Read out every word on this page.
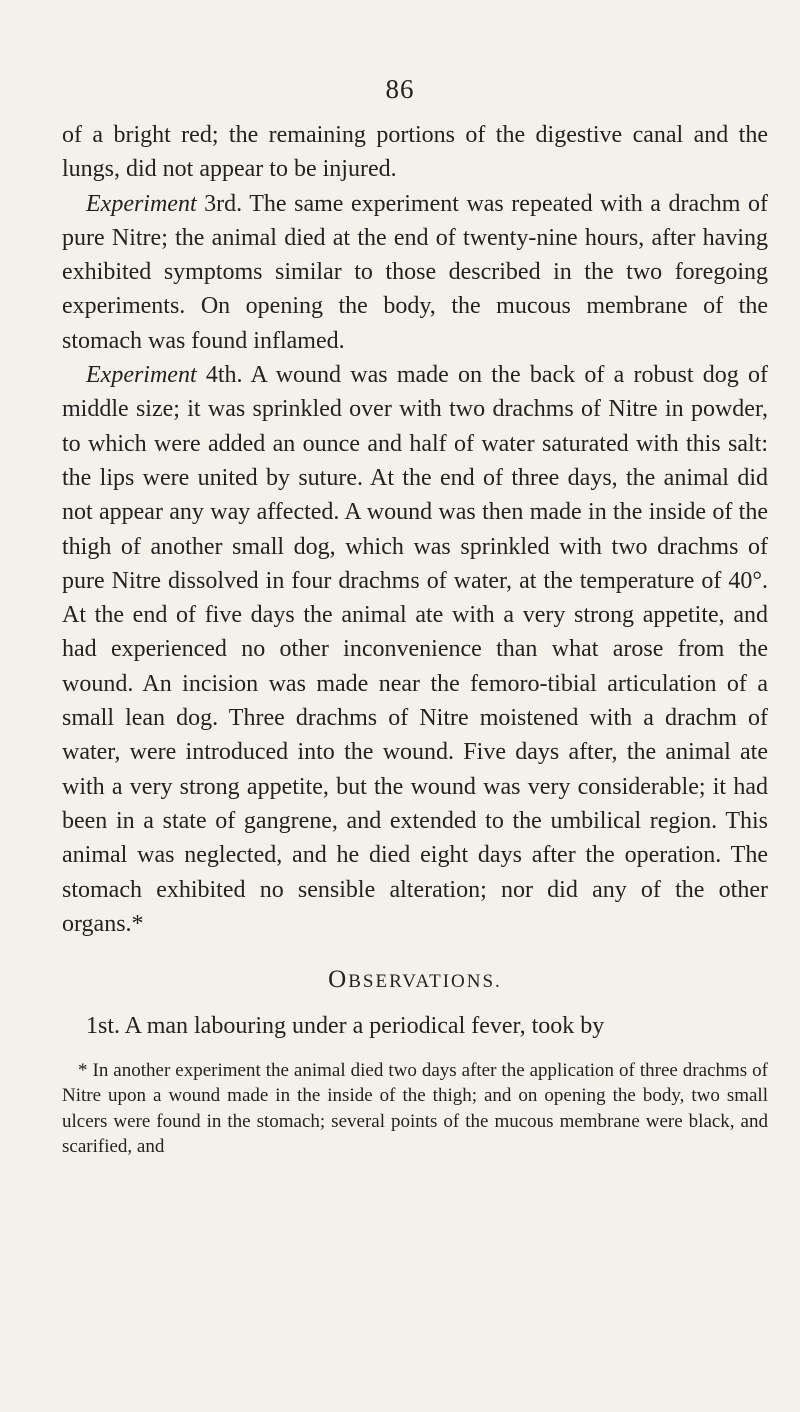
86

of a bright red; the remaining portions of the digestive canal and the lungs, did not appear to be injured.

Experiment 3rd. The same experiment was repeated with a drachm of pure Nitre; the animal died at the end of twenty-nine hours, after having exhibited symptoms similar to those described in the two foregoing experiments. On opening the body, the mucous membrane of the stomach was found inflamed.

Experiment 4th. A wound was made on the back of a robust dog of middle size; it was sprinkled over with two drachms of Nitre in powder, to which were added an ounce and half of water saturated with this salt: the lips were united by suture. At the end of three days, the animal did not appear any way affected. A wound was then made in the inside of the thigh of another small dog, which was sprinkled with two drachms of pure Nitre dissolved in four drachms of water, at the temperature of 40°. At the end of five days the animal ate with a very strong appetite, and had experienced no other inconvenience than what arose from the wound. An incision was made near the femoro-tibial articulation of a small lean dog. Three drachms of Nitre moistened with a drachm of water, were introduced into the wound. Five days after, the animal ate with a very strong appetite, but the wound was very considerable; it had been in a state of gangrene, and extended to the umbilical region. This animal was neglected, and he died eight days after the operation. The stomach exhibited no sensible alteration; nor did any of the other organs.*

OBSERVATIONS.

1st. A man labouring under a periodical fever, took by

* In another experiment the animal died two days after the application of three drachms of Nitre upon a wound made in the inside of the thigh; and on opening the body, two small ulcers were found in the stomach; several points of the mucous membrane were black, and scarified, and
